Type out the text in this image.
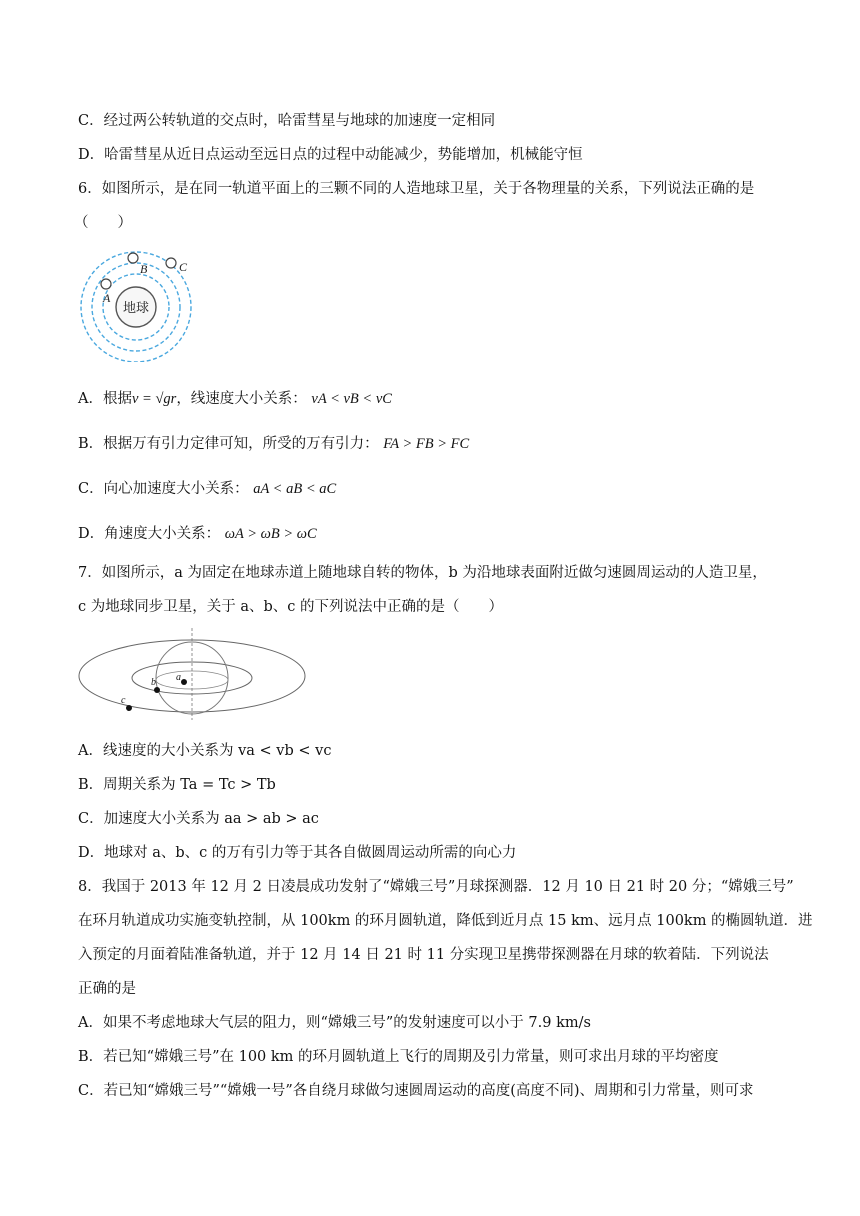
C．经过两公转轨道的交点时，哈雷彗星与地球的加速度一定相同
D．哈雷彗星从近日点运动至远日点的过程中动能减少，势能增加，机械能守恒
6．如图所示，是在同一轨道平面上的三颗不同的人造地球卫星，关于各物理量的关系，下列说法正确的是
（　　）
地球
A
B	C
A．根据v = √gr，线速度大小关系： vA < vB < vC
B．根据万有引力定律可知，所受的万有引力： FA > FB > FC
C．向心加速度大小关系： aA < aB < aC
D．角速度大小关系： ωA > ωB > ωC
7．如图所示，a 为固定在地球赤道上随地球自转的物体，b 为沿地球表面附近做匀速圆周运动的人造卫星，
c 为地球同步卫星，关于 a、b、c 的下列说法中正确的是（　　）
a
b
c
A．线速度的大小关系为 va < vb < vc
B．周期关系为 Ta = Tc > Tb
C．加速度大小关系为 aa > ab > ac
D．地球对 a、b、c 的万有引力等于其各自做圆周运动所需的向心力
8．我国于 2013 年 12 月 2 日凌晨成功发射了“嫦娥三号”月球探测器．12 月 10 日 21 时 20 分；“嫦娥三号”
在环月轨道成功实施变轨控制，从 100km 的环月圆轨道，降低到近月点 15 km、远月点 100km 的椭圆轨道．进
入预定的月面着陆准备轨道，并于 12 月 14 日 21 时 11 分实现卫星携带探测器在月球的软着陆．下列说法
正确的是
A．如果不考虑地球大气层的阻力，则“嫦娥三号”的发射速度可以小于 7.9 km/s
B．若已知“嫦娥三号”在 100 km 的环月圆轨道上飞行的周期及引力常量，则可求出月球的平均密度
C．若已知“嫦娥三号”“嫦娥一号”各自绕月球做匀速圆周运动的高度(高度不同)、周期和引力常量，则可求
